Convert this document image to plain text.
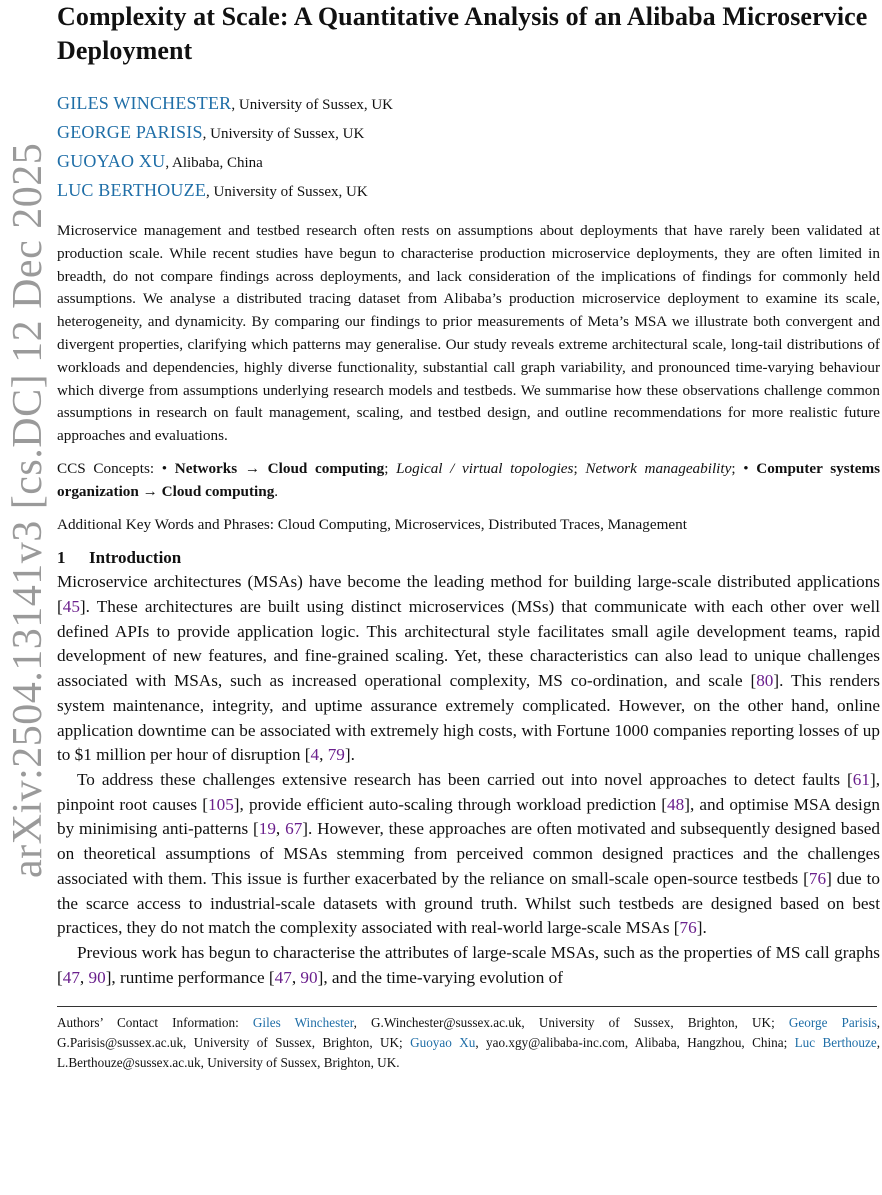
arXiv:2504.13141v3 [cs.DC] 12 Dec 2025
Complexity at Scale: A Quantitative Analysis of an Alibaba Microservice Deployment
GILES WINCHESTER, University of Sussex, UK
GEORGE PARISIS, University of Sussex, UK
GUOYAO XU, Alibaba, China
LUC BERTHOUZE, University of Sussex, UK

Microservice management and testbed research often rests on assumptions about deployments that have rarely been validated at production scale. While recent studies have begun to characterise production microservice deployments, they are often limited in breadth, do not compare findings across deployments, and lack consideration of the implications of findings for commonly held assumptions. We analyse a distributed tracing dataset from Alibaba’s production microservice deployment to examine its scale, heterogeneity, and dynamicity. By comparing our findings to prior measurements of Meta’s MSA we illustrate both convergent and divergent properties, clarifying which patterns may generalise. Our study reveals extreme architectural scale, long-tail distributions of workloads and dependencies, highly diverse functionality, substantial call graph variability, and pronounced time-varying behaviour which diverge from assumptions underlying research models and testbeds. We summarise how these observations challenge common assumptions in research on fault management, scaling, and testbed design, and outline recommendations for more realistic future approaches and evaluations.

CCS Concepts: • Networks → Cloud computing; Logical / virtual topologies; Network manageability; • Computer systems organization → Cloud computing.

Additional Key Words and Phrases: Cloud Computing, Microservices, Distributed Traces, Management

1 Introduction

Microservice architectures (MSAs) have become the leading method for building large-scale distributed applications [45]. These architectures are built using distinct microservices (MSs) that communicate with each other over well defined APIs to provide application logic. This architectural style facilitates small agile development teams, rapid development of new features, and fine-grained scaling. Yet, these characteristics can also lead to unique challenges associated with MSAs, such as increased operational complexity, MS co-ordination, and scale [80]. This renders system maintenance, integrity, and uptime assurance extremely complicated. However, on the other hand, online application downtime can be associated with extremely high costs, with Fortune 1000 companies reporting losses of up to $1 million per hour of disruption [4, 79].

To address these challenges extensive research has been carried out into novel approaches to detect faults [61], pinpoint root causes [105], provide efficient auto-scaling through workload prediction [48], and optimise MSA design by minimising anti-patterns [19, 67]. However, these approaches are often motivated and subsequently designed based on theoretical assumptions of MSAs stemming from perceived common designed practices and the challenges associated with them. This issue is further exacerbated by the reliance on small-scale open-source testbeds [76] due to the scarce access to industrial-scale datasets with ground truth. Whilst such testbeds are designed based on best practices, they do not match the complexity associated with real-world large-scale MSAs [76].

Previous work has begun to characterise the attributes of large-scale MSAs, such as the properties of MS call graphs [47, 90], runtime performance [47, 90], and the time-varying evolution of

Authors’ Contact Information: Giles Winchester, G.Winchester@sussex.ac.uk, University of Sussex, Brighton, UK; George Parisis, G.Parisis@sussex.ac.uk, University of Sussex, Brighton, UK; Guoyao Xu, yao.xgy@alibaba-inc.com, Alibaba, Hangzhou, China; Luc Berthouze, L.Berthouze@sussex.ac.uk, University of Sussex, Brighton, UK.
